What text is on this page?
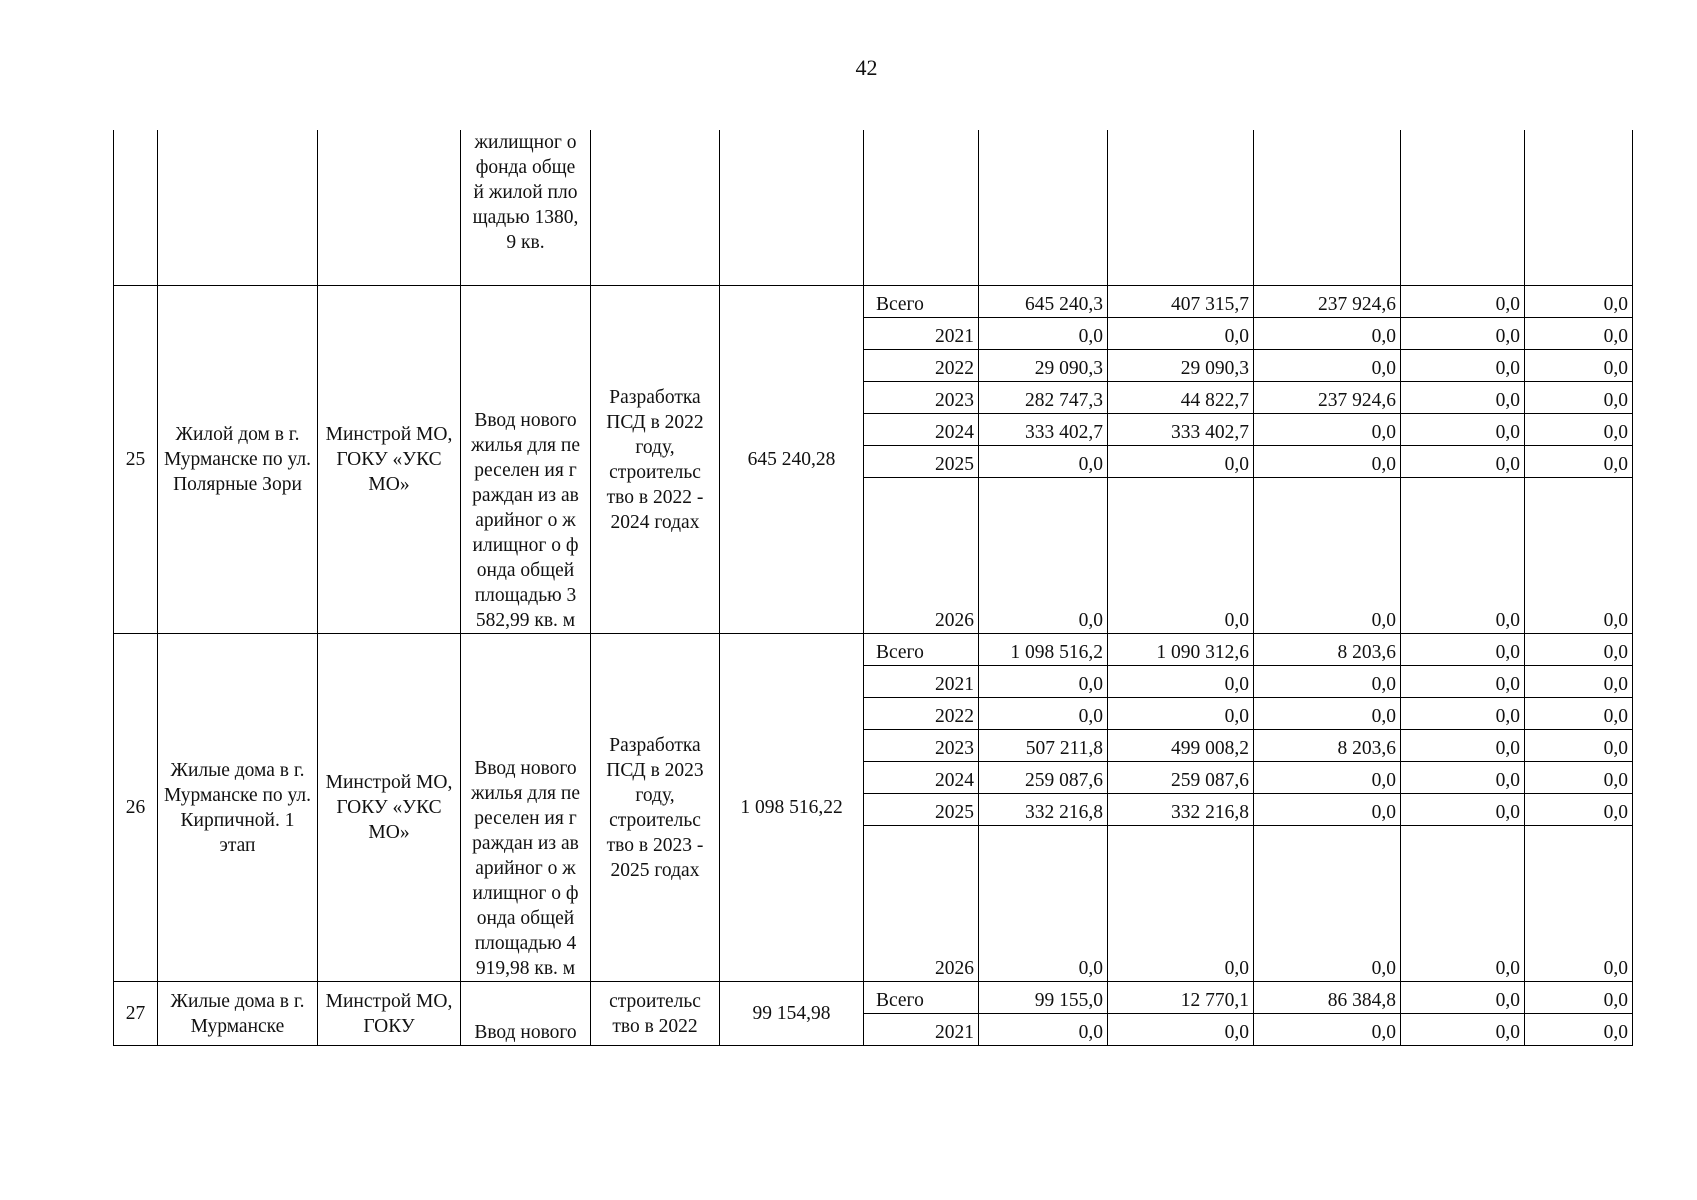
42

			жилищног о фонда общей жилой площадью 1380,9 кв.								

25	Жилой дом в г. Мурманске по ул. Полярные Зори	Минстрой МО, ГОКУ «УКС МО»	Ввод нового жилья для переселен ия граждан из аварийног о жилищног о фонда общей площадью 3582,99 кв. м	Разработка ПСД в 2022 году, строительс тво в 2022 - 2024 годах	645 240,28	Всего	645 240,3	407 315,7	237 924,6	0,0	0,0
						2021	0,0	0,0	0,0	0,0	0,0
						2022	29 090,3	29 090,3	0,0	0,0	0,0
						2023	282 747,3	44 822,7	237 924,6	0,0	0,0
						2024	333 402,7	333 402,7	0,0	0,0	0,0
						2025	0,0	0,0	0,0	0,0	0,0
						2026	0,0	0,0	0,0	0,0	0,0
26	Жилые дома в г. Мурманске по ул. Кирпичной. 1 этап	Минстрой МО, ГОКУ «УКС МО»	Ввод нового жилья для переселен ия граждан из аварийног о жилищног о фонда общей площадью 4919,98 кв. м	Разработка ПСД в 2023 году, строительс тво в 2023 - 2025 годах	1 098 516,22	Всего	1 098 516,2	1 090 312,6	8 203,6	0,0	0,0
						2021	0,0	0,0	0,0	0,0	0,0
						2022	0,0	0,0	0,0	0,0	0,0
						2023	507 211,8	499 008,2	8 203,6	0,0	0,0
						2024	259 087,6	259 087,6	0,0	0,0	0,0
						2025	332 216,8	332 216,8	0,0	0,0	0,0
						2026	0,0	0,0	0,0	0,0	0,0
27	Жилые дома в г. Мурманске	Минстрой МО, ГОКУ	Ввод нового	строительс тво в 2022	99 154,98	Всего	99 155,0	12 770,1	86 384,8	0,0	0,0
						2021	0,0	0,0	0,0	0,0	0,0
